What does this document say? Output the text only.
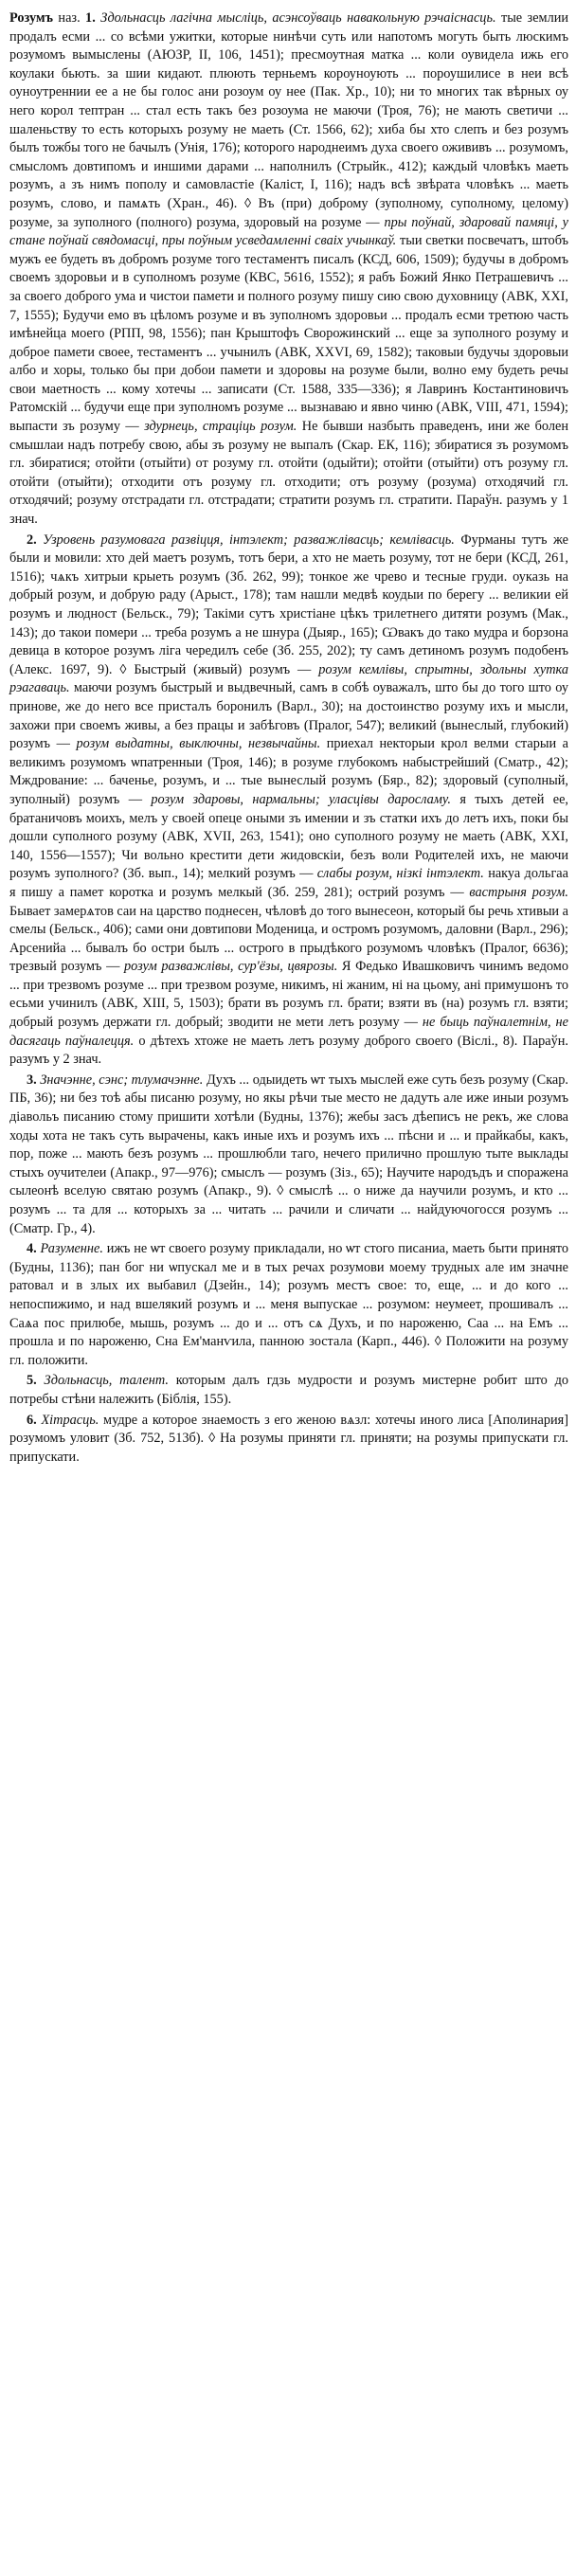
Розумъ наз. 1. Здольнасць лагічна мысліць, асэнсоўваць навакольную рэчаіснасць. тые землии продалъ есми ... со всѣми ужитки, которые нинѣчи суть или напотомъ могуть быть люскимъ розумомъ вымыслены (АЮЗР, II, 106, 1451); пресмоутная матка ... коли оувидела ижь его коулаки бьють. за шии кидают. плюють терньемъ короуноують ... пороушилисе в неи всѣ оуноутреннии ее а не бы голос ани розоум оу нее (Пак. Хр., 10); ни то многих так вѣрных оу него корол тептран ... стал есть такъ без розоума не маючи (Троя, 76); не мають светичи ... шаленьству то есть которыхъ розуму не маеть (Ст. 1566, 62); хиба бы хто слепъ и без розумъ былъ тожбы того не бачылъ (Унія, 176); которого народнеимъ духа своего ожививъ ... розумомъ, смысломъ довтипомъ и иншими дарами ... наполнилъ (Стрыйк., 412); каждый чловѣкъ маеть розумъ, а зъ нимъ пополу и самовластіе (Калiст, I, 116); надъ всѣ звѣрата чловѣкъ ... маеть розумъ, слово, и памѧть (Хран., 46). ◊ Въ (при) доброму (зуполному, суполному, целому) розуме, за зуполного (полного) розума, здоровый на розуме — пры поўнай, здаровай памяці, у стане поўнай свядомасці, пры поўным усведамленні сваіх учынкаў. тыи светки посвечатъ, штобъ мужъ ее будеть въ добромъ розуме того тестаментъ писалъ (КСД, 606, 1509); будучы в добромъ своемъ здоровьи и в суполномъ розуме (КВС, 5616, 1552); я рабъ Божий Янко Петрашевичъ ... за своего доброго ума и чистои памети и полного розуму пишу сию свою духовницу (АВК, XXI, 7, 1555); Будучи емо въ цѣломъ розуме и въ зуполномъ здоровьи ... продалъ есми третюю часть имѣнейца моего (РПП, 98, 1556); пан Крыштофъ Сворожинский ... еще за зуполного розуму и доброе памети своее, тестаментъ ... учынилъ (АВК, XXVI, 69, 1582); таковыи будучы здоровыи албо и хоры, только бы при добои памети и здоровы на розуме были, волно ему будеть речы свои маетность ... кому хотечы ... записати (Ст. 1588, 335—336); я Лавринъ Костантиновичъ Ратомскій ... будучи еще при зуполномъ розуме ... вызнаваю и явно чиню (АВК, VIII, 471, 1594); выпасти зъ розуму — здурнець, страціць розум. Не бывши назбыть праведенъ, ини же болен смышлаи надъ потребу свою, абы зъ розуму не выпалъ (Скар. ЕК, 116); збиратися зъ розумомъ гл. збиратися; отойти (отыйти) от розуму гл. отойти (одыйти); отойти (отыйти) отъ розуму гл. отойти (отыйти); отходити отъ розуму гл. отходити; отъ розуму (розума) отходячий гл. отходячий; розуму отстрадати гл. отстрадати; стратити розумъ гл. стратити. Параўн. разумъ у 1 знач.

2. Узровень разумовага развіцця, інтэлект; разважлівасць; кемлівасць. Фурманы тутъ же были и мовили: хто дей маетъ розумъ, тотъ бери, а хто не маеть розуму, тот не бери (КСД, 261, 1516); чѧкъ хитрыи крыеть розумъ (Зб. 262, 99); тонкое же чрево и тесные груди. оуказь на добрый розум, и добрую раду (Арыст., 178); там нашли медвѣ коудыи по берегу ... великии ей розумъ и людност (Бельск., 79); Такіми сутъ христіане цѣкъ трилетнего дитяти розумъ (Мак., 143); до такои помери ... треба розумъ а не шнура (Дыяр., 165); Ѡвакъ до тако мудра и борзона девица в которое розумъ ліга чередилъ себе (Зб. 255, 202); ту самъ детиномъ розумъ подобенъ (Алекс. 1697, 9). ◊ Быстрый (живый) розумъ — розум кемлівы, спрытны, здольны хутка рэагаваць. маючи розумъ быстрый и выдвечный, самъ в собѣ оуважалъ, што бы до того што оу принове, же до него все присталъ боронилъ (Варл., 30); на достоинство розуму ихъ и мысли, захожи при своемъ живы, а без працы и забѣговъ (Пралог, 547); великий (вынеслый, глубокий) розумъ — розум выдатны, выключны, незвычайны. приехал некторыи крол велми старыи а великимъ розумомъ ѡпатренныи (Троя, 146); в розуме глубокомъ набыстрейший (Сматр., 42); Мждрование: ... баченье, розумъ, и ... тые вынеслый розумъ (Бяр., 82); здоровый (суполный, зуполный) розумъ — розум здаровы, нармальны; уласцівы даросламу. я тыхъ детей ее, братаничовъ моихъ, мелъ у своей опеце оными зъ имении и зъ статки ихъ до летъ ихъ, поки бы дошли суполного розуму (АВК, XVII, 263, 1541); оно суполного розуму не маеть (АВК, XXI, 140, 1556—1557); Чи вольно крестити дети жидовскіи, безъ воли Родителей ихъ, не маючи розумъ зуполного? (Зб. вып., 14); мелкий розумъ — слабы розум, нізкі інтэлект. накуа дольгаа я пишу а памет коротка и розумъ мелкый (Зб. 259, 281); острий розумъ — вастрыня розум. Бывает замерѧтов саи на царство поднесен, чѣловѣ до того вынесеон, который бы речь хтивыи а смелы (Бельск., 406); сами они довтипови Моденица, и остромъ розумомъ, даловни (Варл., 296); Арсенийа ... бывалъ бо остри былъ ... острого в прыдѣкого розумомъ чловѣкъ (Пралог, 6636); трезвый розумъ — розум разважлівы, сур'ёзы, цвярозы. Я Федько Ивашковичъ чинимъ ведомо ... при трезвомъ розуме ... при трезвом розуме, никимъ, ні жаним, ні на цьому, ані примушонъ то есьми учинилъ (АВК, XIII, 5, 1503); брати въ розумъ гл. брати; взяти въ (на) розумъ гл. взяти; добрый розумъ держати гл. добрый; зводити не мети летъ розуму — не быць паўналетнім, не дасягаць паўналецця. о дѣтехъ хтоже не маеть летъ розуму доброго своего (Віслі., 8). Параўн. разумъ у 2 знач.

3. Значэнне, сэнс; тлумачэнне. Духъ ... одыидеть ѡт тыхъ мыслей еже суть безъ розуму (Скар. ПБ, 36); ни без тоѣ абы писаню розуму, но якы рѣчи тые место не дадуть але иже иныи розумъ дiавольъ писанию стому пришити хотѣли (Будны, 1376); жебы засъ дѣеписъ не рекъ, же слова ходы хота не такъ суть вырачены, какъ иные ихъ и розумъ ихъ ... пѣсни и ... и прайкабы, какъ, пор, поже ... мають безъ розумъ ... прошлюбли таго, нечего прилично прошлую тыте выклады стыхъ оучителеи (Апакр., 97—976); смыслъ — розумъ (Зіз., 65); Научите народъдъ и споражена сылеонѣ вселую святаю розумъ (Апакр., 9). ◊ смыслѣ ... о ниже да научили розумъ, и кто ... розумъ ... та для ... которыхъ за ... читать ... рачили и сличати ... найдуючогосся розумъ ... (Сматр. Гр., 4).

4. Разуменне. ижъ не ѡт своего розуму прикладали, но ѡт стого писаниа, маеть быти принято (Будны, 1136); пан бог ни ѡпускал ме и в тых речах розумови моему трудных але им значне ратовал и в злых их выбавил (Дзейн., 14); розумъ местъ свое: то, еще, ... и до кого ... непоспижимо, и над вшелякий розумъ и ... меня выпускае ... розумом: неумеет, прошивалъ ... Саѧа пос прилюбе, мышь, розумъ ... до и ... отъ сѧ Духъ, и по нароженю, Саа ... на Емъ ... прошла и по нароженю, Сна Ем'манѵила, панною зостала (Карп., 446). ◊ Положити на розуму гл. положити.

5. Здольнасць, талент. которым далъ гдзь мудрости и розумъ мистерне робит што до потребы стѣни належить (Біблія, 155).

6. Хітрасць. мудре а которое знаемость з его женою вѧзл: хотечы иного лиса [Аполинария] розумомъ уловит (Зб. 752, 513б). ◊ На розумы приняти гл. приняти; на розумы припускати гл. припускати.
